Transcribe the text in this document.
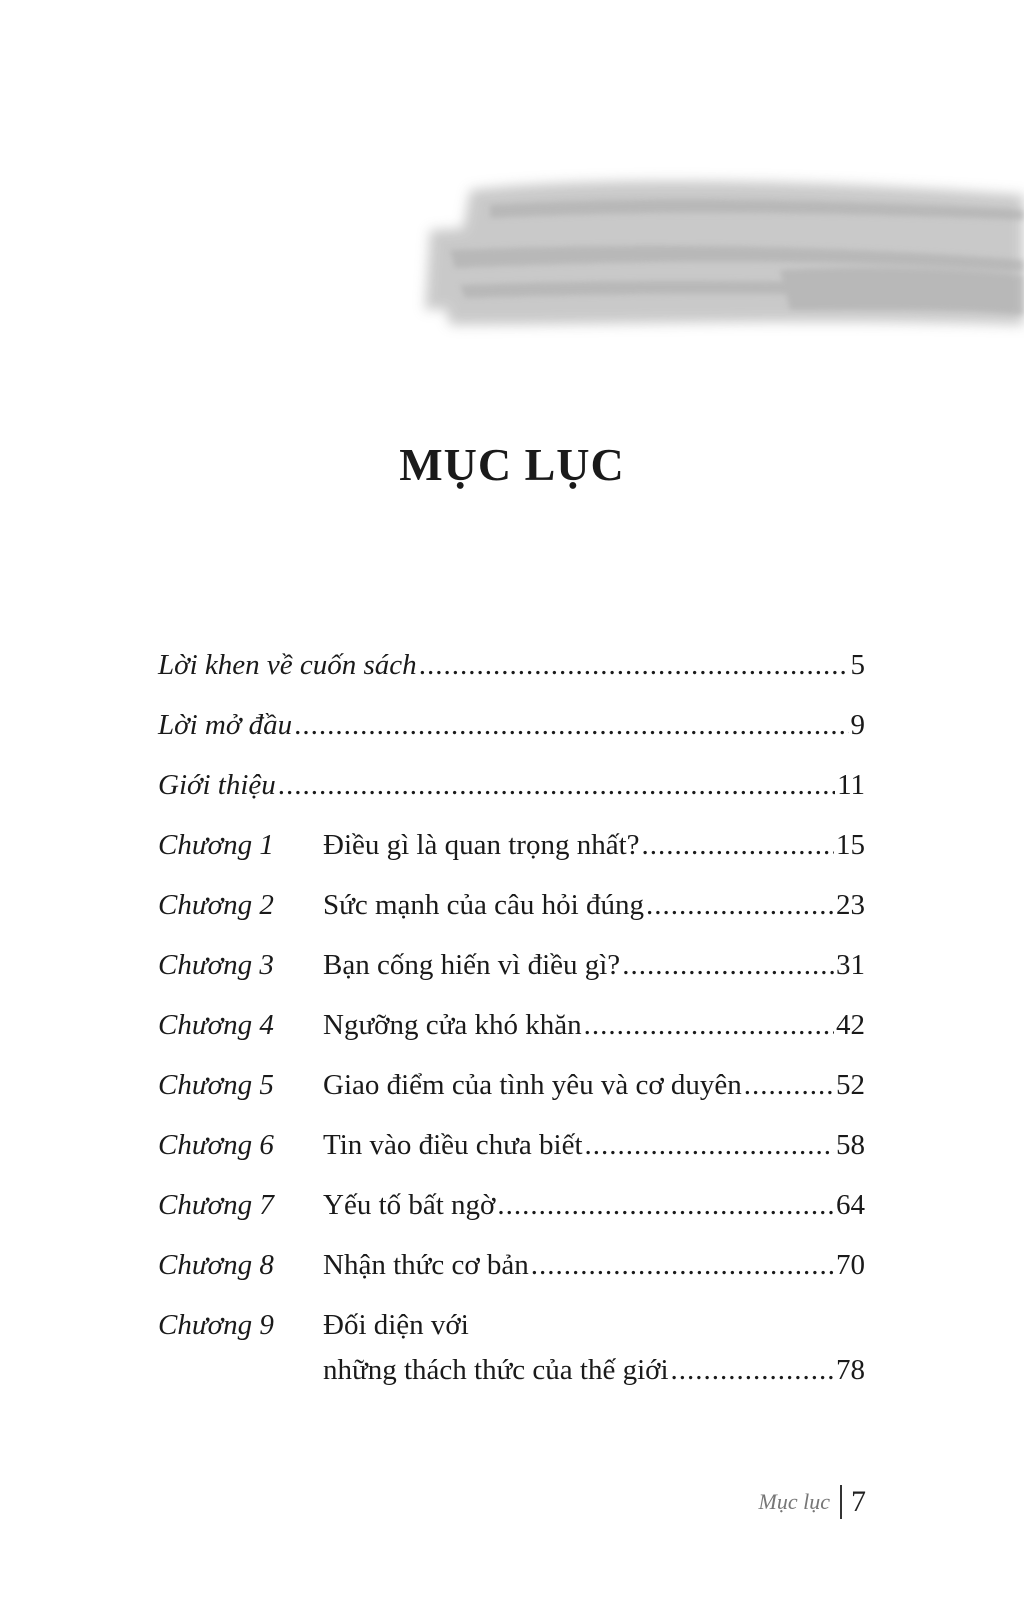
MỤC LỤC
Lời khen về cuốn sách .....	5
Lời mở đầu .....	9
Giới thiệu .....	11
Chương 1 Điều gì là quan trọng nhất? .....	15
Chương 2 Sức mạnh của câu hỏi đúng .....	23
Chương 3 Bạn cống hiến vì điều gì? .....	31
Chương 4 Ngưỡng cửa khó khăn .....	42
Chương 5 Giao điểm của tình yêu và cơ duyên .....	52
Chương 6 Tin vào điều chưa biết .....	58
Chương 7 Yếu tố bất ngờ .....	64
Chương 8 Nhận thức cơ bản .....	70
Chương 9 Đối diện với
những thách thức của thế giới .....	78
Mục lục 7
